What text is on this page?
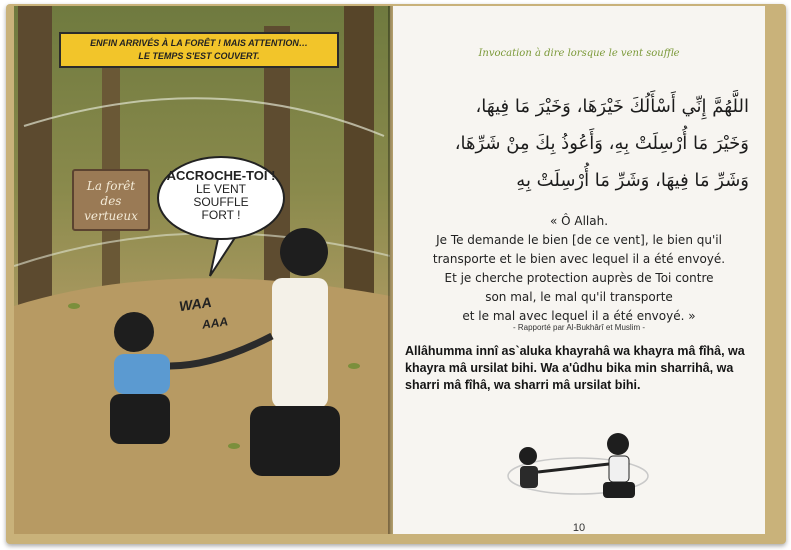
ENFIN ARRIVÉS À LA FORÊT ! MAIS ATTENTION…
LE TEMPS S'EST COUVERT.
La forêt
des
vertueux
ACCROCHE-TOI !
LE VENT
SOUFFLE
FORT !
WAA
AAA
Invocation à dire lorsque le vent souffle
اللَّهُمَّ إِنِّي أَسْأَلُكَ خَيْرَهَا، وَخَيْرَ مَا فِيهَا،
وَخَيْرَ مَا أُرْسِلَتْ بِهِ، وَأَعُوذُ بِكَ مِنْ شَرِّهَا،
وَشَرِّ مَا فِيهَا، وَشَرِّ مَا أُرْسِلَتْ بِهِ
« Ô Allah.
Je Te demande le bien [de ce vent], le bien qu'il
transporte et le bien avec lequel il a été envoyé.
Et je cherche protection auprès de Toi contre
son mal, le mal qu'il transporte
et le mal avec lequel il a été envoyé. »
- Rapporté par Al-Bukhârî et Muslim -
Allâhumma innî as`aluka khayrahâ wa khayra mâ fîhâ, wa khayra mâ ursilat bihi. Wa a'ûdhu bika min sharrihâ, wa sharri mâ fîhâ, wa sharri mâ ursilat bihi.
10
